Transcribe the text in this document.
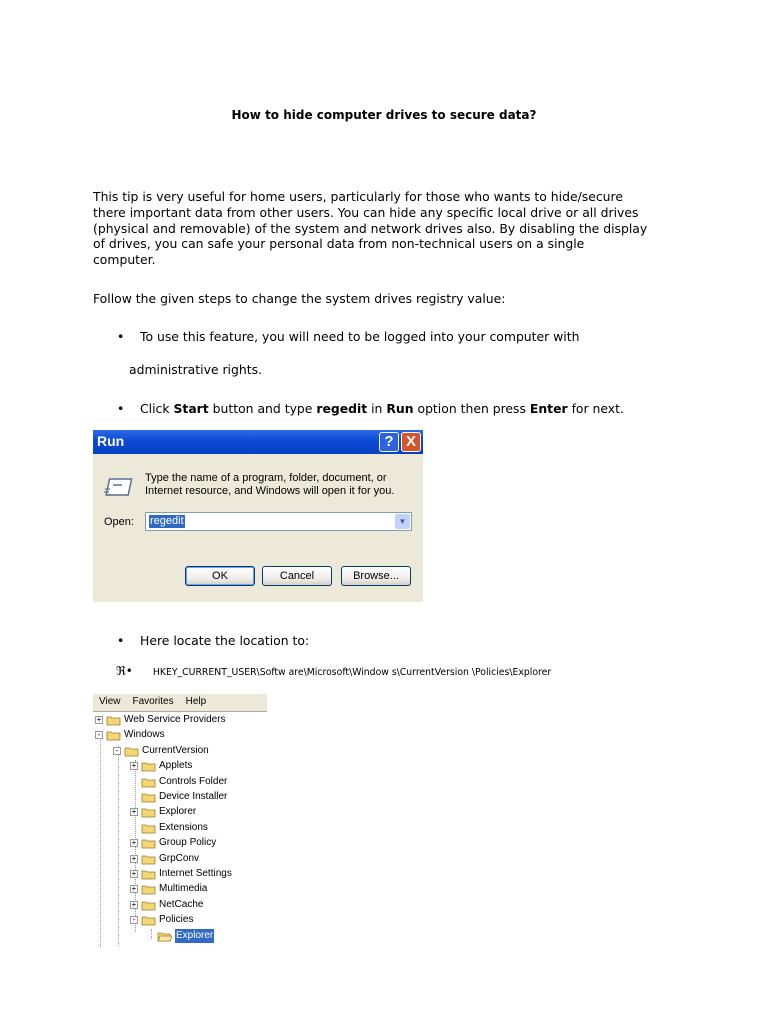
How to hide computer drives to secure data?
This tip is very useful for home users, particularly for those who wants to hide/secure
there important data from other users. You can hide any specific local drive or all drives
(physical and removable) of the system and network drives also. By disabling the display
of drives, you can safe your personal data from non-technical users on a single
computer.
Follow the given steps to change the system drives registry value:
• To use this feature, you will need to be logged into your computer with
administrative rights.
• Click Start button and type regedit in Run option then press Enter for next.
Run	? X
Type the name of a program, folder, document, or
Internet resource, and Windows will open it for you.
Open: regedit	▼
OK	Cancel	Browse...
• Here locate the location to:
ℜ• HKEY_CURRENT_USER\Softw are\Microsoft\Window s\CurrentVersion \Policies\Explorer
View Favorites Help
+ Web Service Providers
- Windows
- CurrentVersion
+ Applets
Controls Folder
Device Installer
+ Explorer
Extensions
+ Group Policy
+ GrpConv
+ Internet Settings
+ Multimedia
+ NetCache
- Policies
Explorer
